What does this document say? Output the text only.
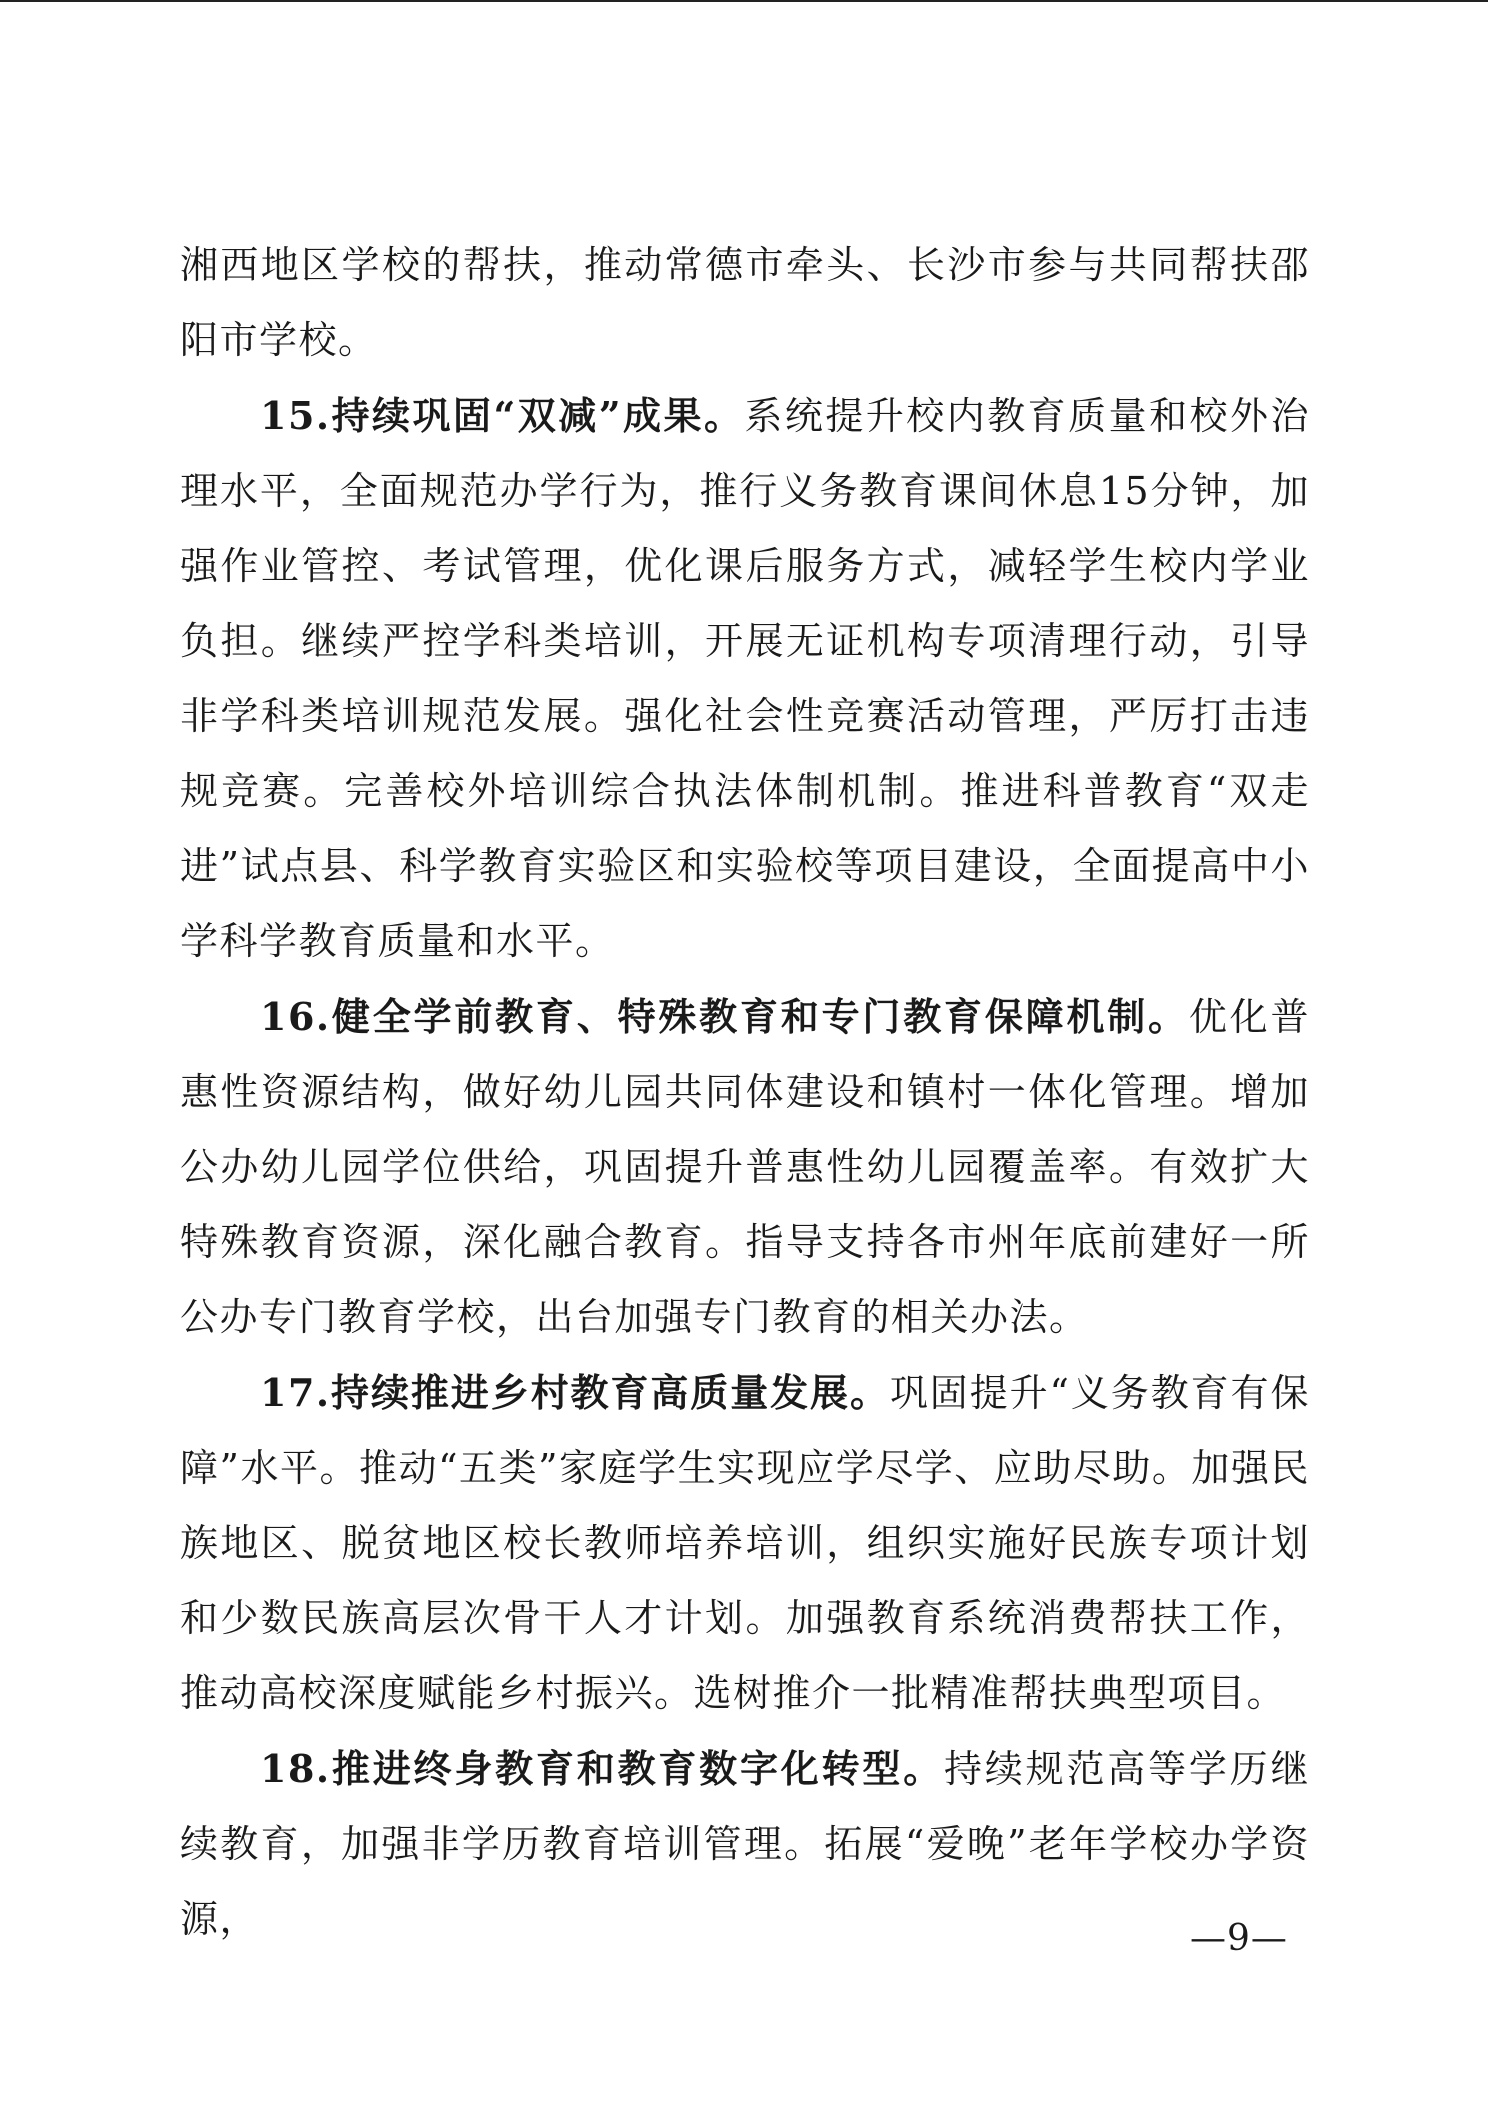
湘西地区学校的帮扶，推动常德市牵头、长沙市参与共同帮扶邵阳市学校。

15.持续巩固“双减”成果。系统提升校内教育质量和校外治理水平，全面规范办学行为，推行义务教育课间休息15分钟，加强作业管控、考试管理，优化课后服务方式，减轻学生校内学业负担。继续严控学科类培训，开展无证机构专项清理行动，引导非学科类培训规范发展。强化社会性竞赛活动管理，严厉打击违规竞赛。完善校外培训综合执法体制机制。推进科普教育“双走进”试点县、科学教育实验区和实验校等项目建设，全面提高中小学科学教育质量和水平。

16.健全学前教育、特殊教育和专门教育保障机制。优化普惠性资源结构，做好幼儿园共同体建设和镇村一体化管理。增加公办幼儿园学位供给，巩固提升普惠性幼儿园覆盖率。有效扩大特殊教育资源，深化融合教育。指导支持各市州年底前建好一所公办专门教育学校，出台加强专门教育的相关办法。

17.持续推进乡村教育高质量发展。巩固提升“义务教育有保障”水平。推动“五类”家庭学生实现应学尽学、应助尽助。加强民族地区、脱贫地区校长教师培养培训，组织实施好民族专项计划和少数民族高层次骨干人才计划。加强教育系统消费帮扶工作，推动高校深度赋能乡村振兴。选树推介一批精准帮扶典型项目。

18.推进终身教育和教育数字化转型。持续规范高等学历继续教育，加强非学历教育培训管理。拓展“爱晚”老年学校办学资源，	—9—
